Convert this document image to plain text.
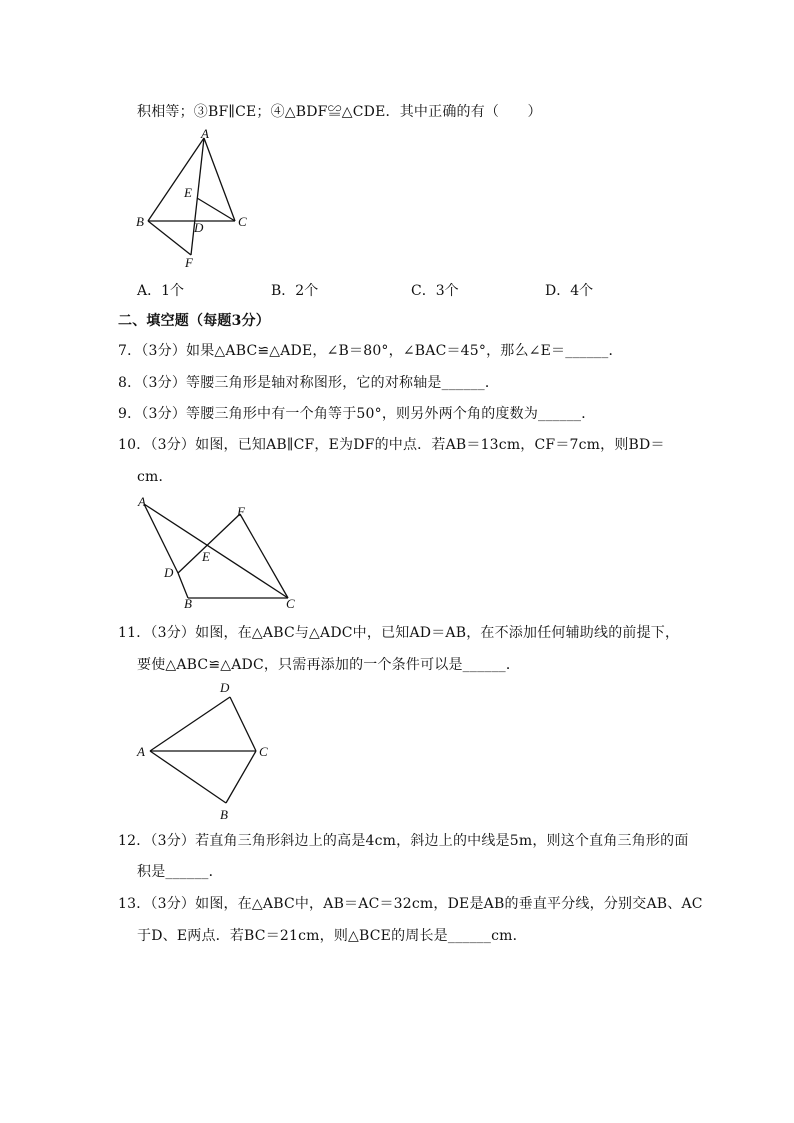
积相等；③BF∥CE；④△BDF≌△CDE．其中正确的有（　　）
A
E
B	C
D
F
A．1个	B．2个	C．3个	D．4个
二、填空题（每题3分）
7．（3分）如果△ABC≌△ADE，∠B＝80°，∠BAC＝45°，那么∠E＝______．
8．（3分）等腰三角形是轴对称图形，它的对称轴是______．
9．（3分）等腰三角形中有一个角等于50°，则另外两个角的度数为______．
10．（3分）如图，已知AB∥CF，E为DF的中点．若AB＝13cm，CF＝7cm，则BD＝
cm．
A
F
E
D
B	C
11．（3分）如图，在△ABC与△ADC中，已知AD＝AB，在不添加任何辅助线的前提下，
要使△ABC≌△ADC，只需再添加的一个条件可以是______．
D
A	C
B
12．（3分）若直角三角形斜边上的高是4cm，斜边上的中线是5m，则这个直角三角形的面
积是______．
13．（3分）如图，在△ABC中，AB＝AC＝32cm，DE是AB的垂直平分线，分别交AB、AC
于D、E两点．若BC＝21cm，则△BCE的周长是______cm．
